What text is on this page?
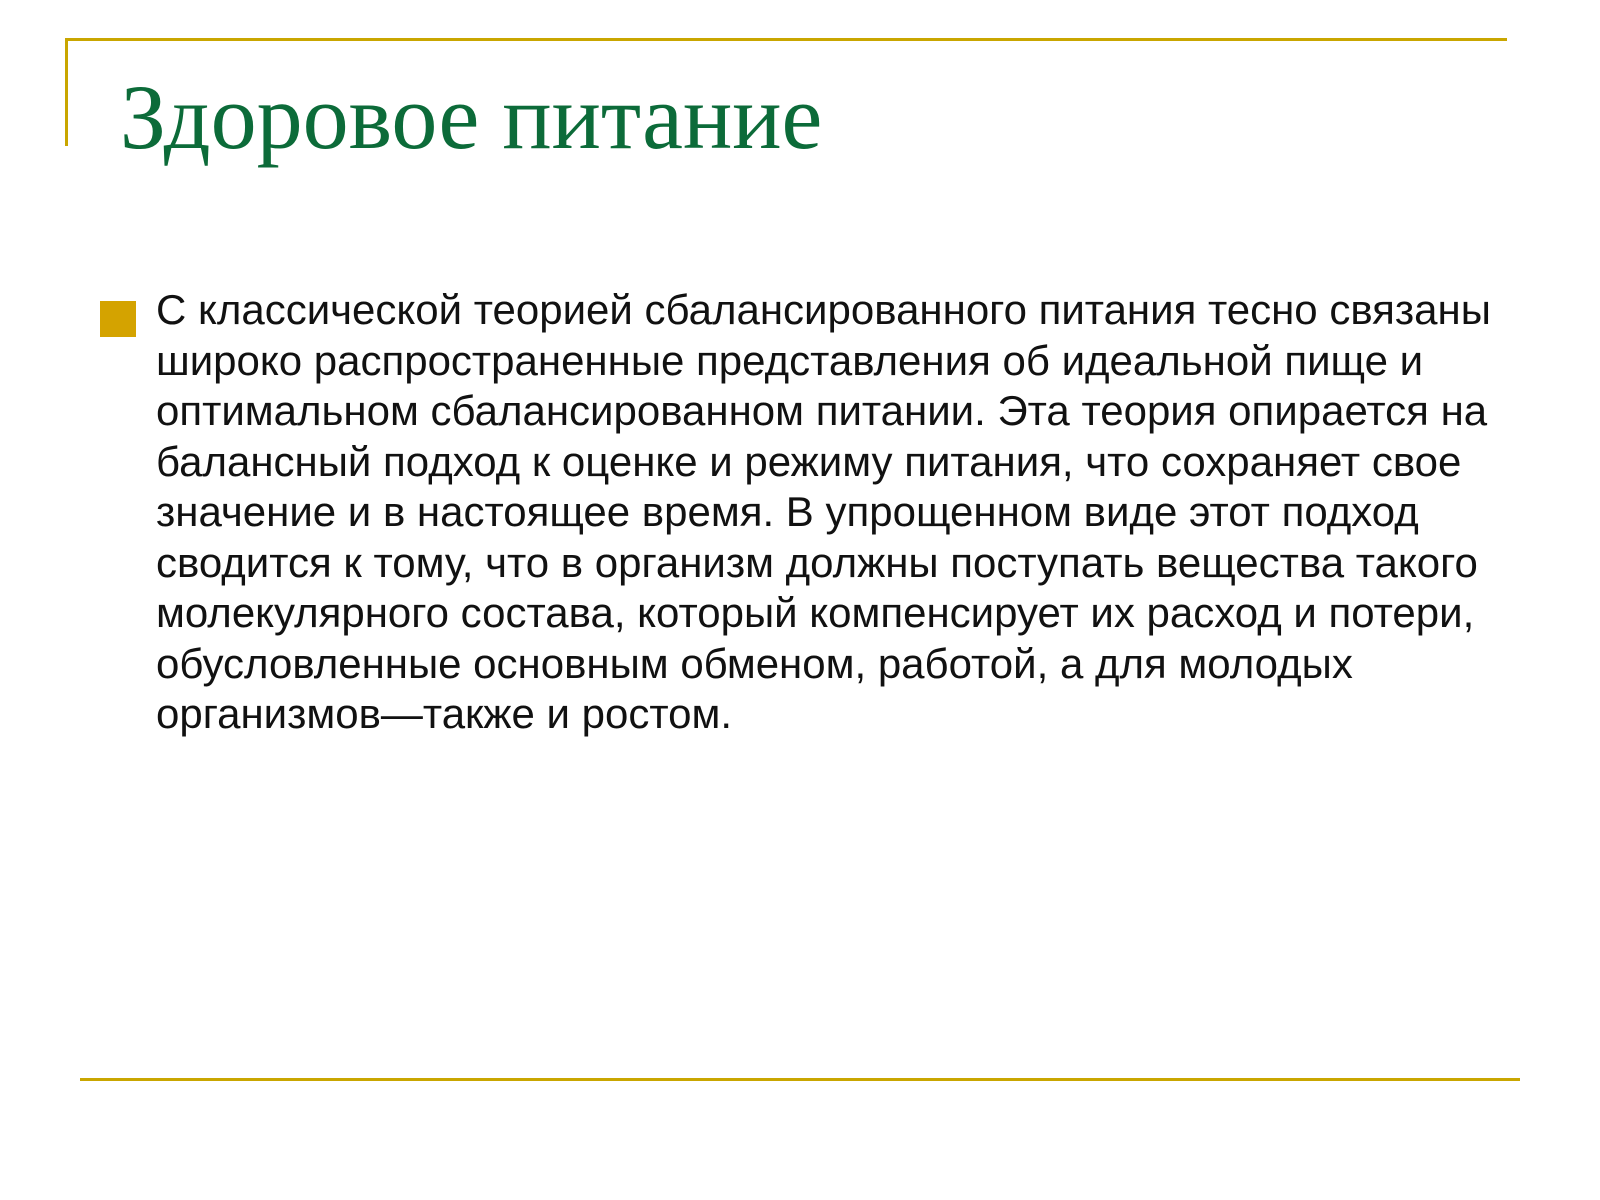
Здоровое питание

С классической теорией сбалансированного питания тесно связаны широко распространенные представления об идеальной пище и оптимальном сбалансированном питании. Эта теория опирается на балансный подход к оценке и режиму питания, что сохраняет свое значение и в настоящее время. В упрощенном виде этот подход сводится к тому, что в организм должны поступать вещества такого молекулярного состава, который компенсирует их расход и потери, обусловленные основным обменом, работой, а для молодых организмов—также и ростом.
